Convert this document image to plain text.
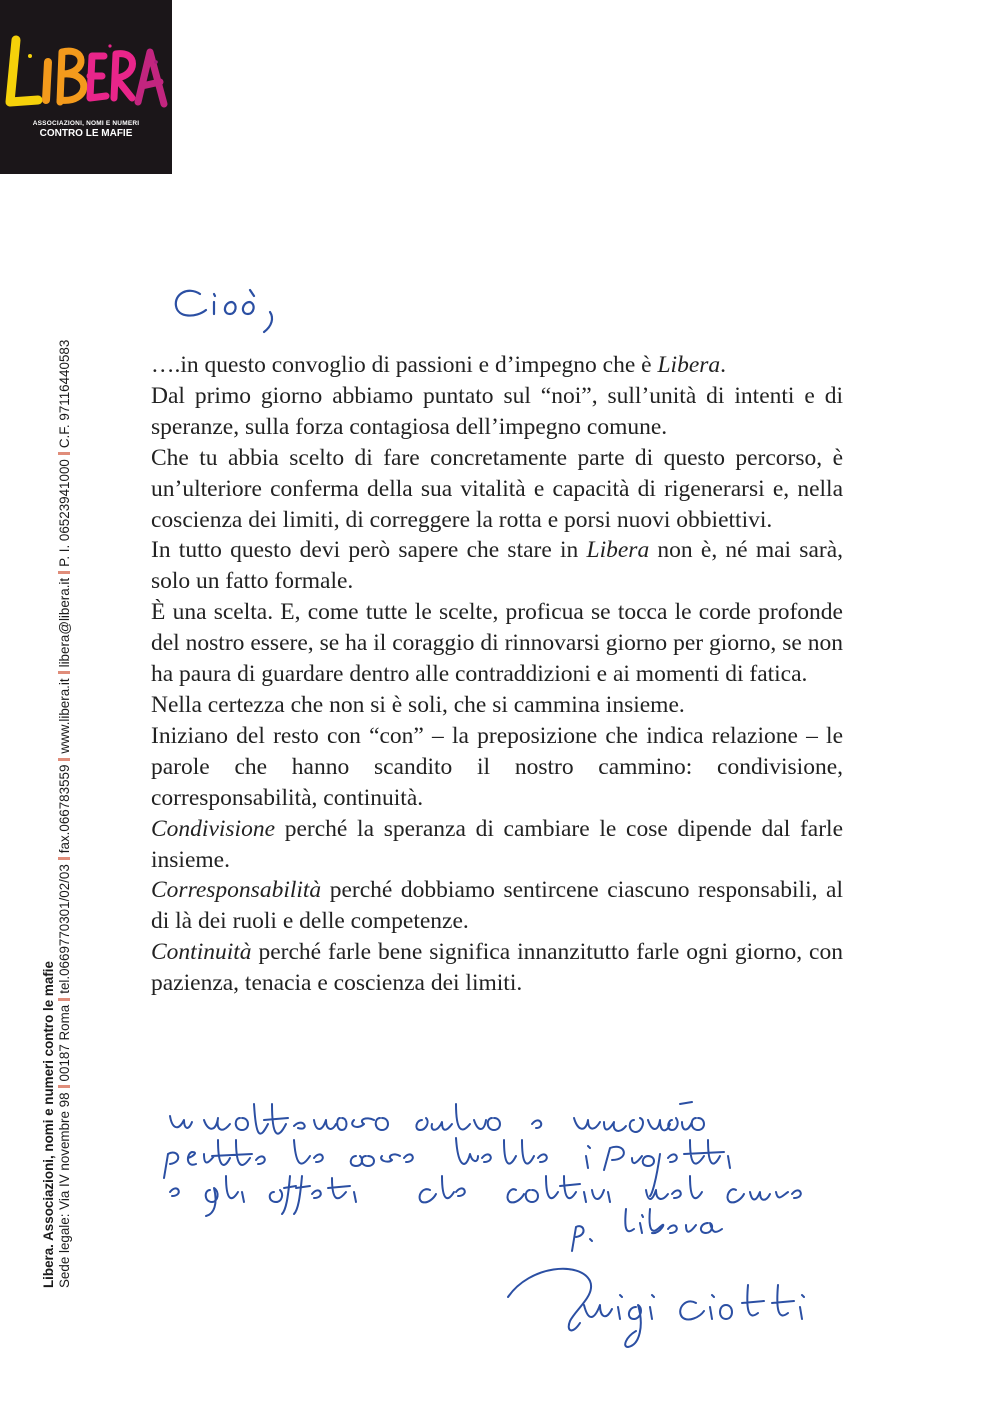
ASSOCIAZIONI, NOMI E NUMERI
CONTRO LE MAFIE
Libera. Associazioni, nomi e numeri contro le mafie Sede legale: Via IV novembre 9800187 Romatel.0669770301/02/03fax.066783559www.libera.itlibera@libera.itP. I. 06523941000C.F. 97116440583	….in questo convoglio di passioni e d’impegno che è Libera.

Dal primo giorno abbiamo puntato sul “noi”, sull’unità di intenti e di speranze, sulla forza contagiosa dell’impegno comune.

Che tu abbia scelto di fare concretamente parte di questo percorso, è un’ulteriore conferma della sua vitalità e capacità di rigenerarsi e, nella coscienza dei limiti, di correggere la rotta e porsi nuovi obbiettivi.

In tutto questo devi però sapere che stare in Libera non è, né mai sarà, solo un fatto formale.

È una scelta. E, come tutte le scelte, proficua se tocca le corde profonde del nostro essere, se ha il coraggio di rinnovarsi giorno per giorno, se non ha paura di guardare dentro alle contraddizioni e ai momenti di fatica.

Nella certezza che non si è soli, che si cammina insieme.

Iniziano del resto con “con” – la preposizione che indica relazione – le parole che hanno scandito il nostro cammino: condivisione, corresponsabilità, continuità.

Condivisione perché la speranza di cambiare le cose dipende dal farle insieme.

Corresponsabilità perché dobbiamo sentircene ciascuno responsabili, al di là dei ruoli e delle competenze.

Continuità perché farle bene significa innanzitutto farle ogni giorno, con pazienza, tenacia e coscienza dei limiti.
